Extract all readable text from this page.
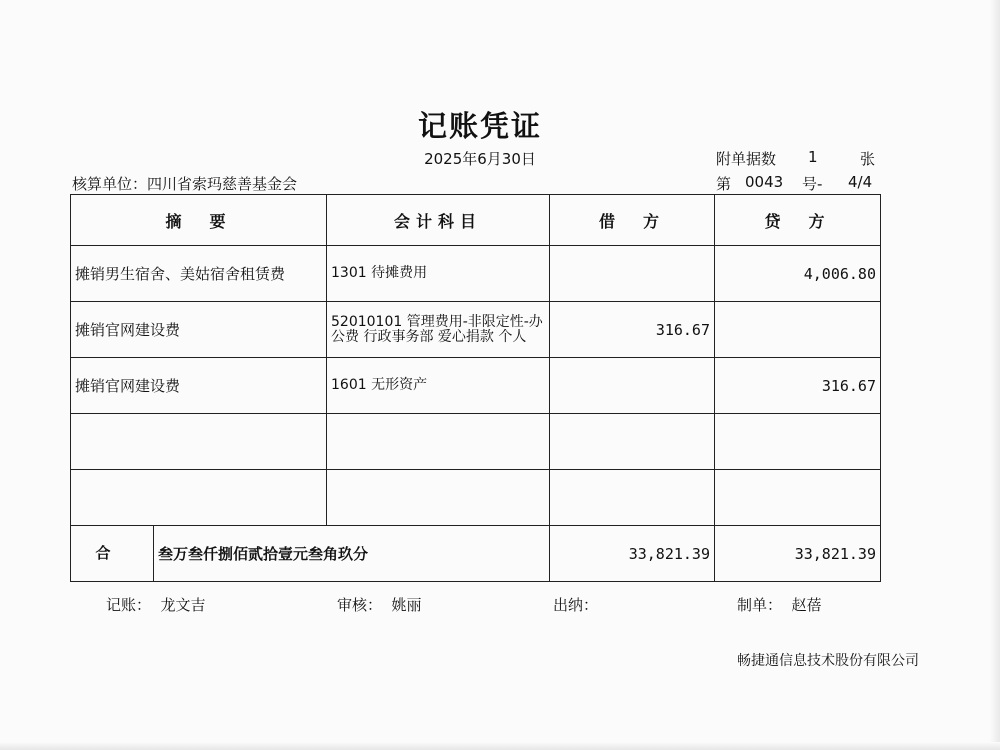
记账凭证
2025年6月30日
核算单位：四川省索玛慈善基金会
附单据数 1	张
第 0043 号- 4/4
摘　要	会计科目	借　方	贷　方
摊销男生宿舍、美姑宿舍租赁费	1301 待摊费用		4,006.80
摊销官网建设费	52010101 管理费用-非限定性-办公费 行政事务部 爱心捐款 个人	316.67	
摊销官网建设费	1601 无形资产		316.67

合 叁万叁仟捌佰贰拾壹元叁角玖分		33,821.39	33,821.39
记账：  龙文吉	审核：  姚丽	出纳：	制单：  赵蓓
畅捷通信息技术股份有限公司
